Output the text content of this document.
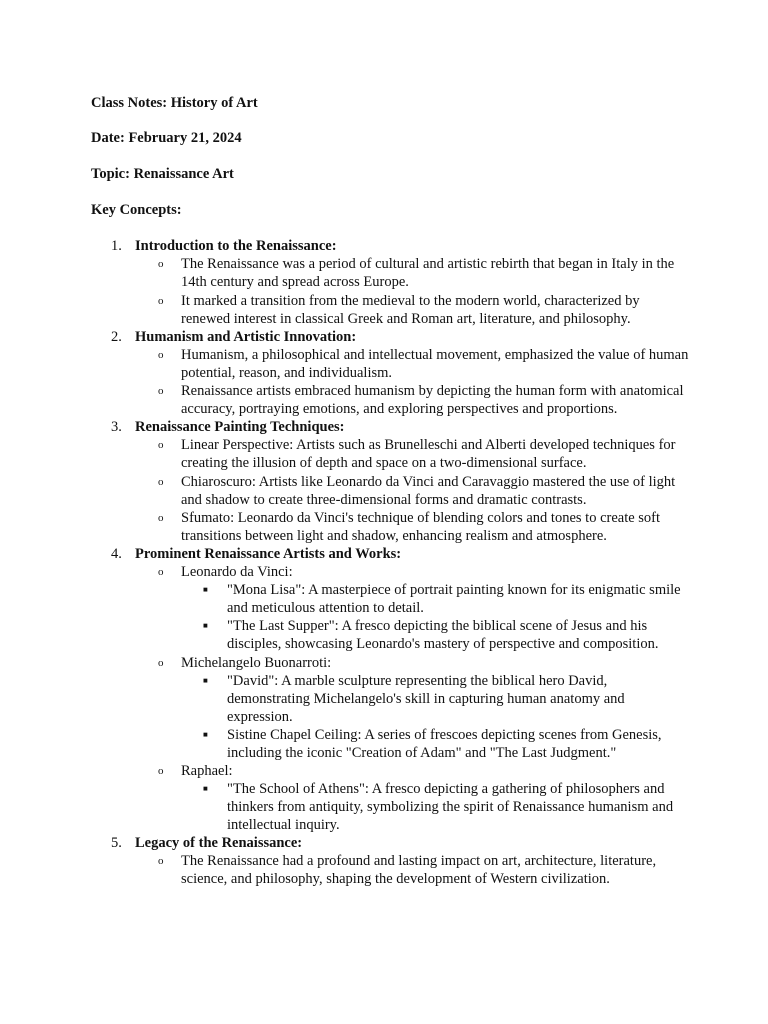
Class Notes: History of Art
Date: February 21, 2024
Topic: Renaissance Art
Key Concepts:
1. Introduction to the Renaissance:
o The Renaissance was a period of cultural and artistic rebirth that began in Italy in the 14th century and spread across Europe.
o It marked a transition from the medieval to the modern world, characterized by renewed interest in classical Greek and Roman art, literature, and philosophy.
2. Humanism and Artistic Innovation:
o Humanism, a philosophical and intellectual movement, emphasized the value of human potential, reason, and individualism.
o Renaissance artists embraced humanism by depicting the human form with anatomical accuracy, portraying emotions, and exploring perspectives and proportions.
3. Renaissance Painting Techniques:
o Linear Perspective: Artists such as Brunelleschi and Alberti developed techniques for creating the illusion of depth and space on a two-dimensional surface.
o Chiaroscuro: Artists like Leonardo da Vinci and Caravaggio mastered the use of light and shadow to create three-dimensional forms and dramatic contrasts.
o Sfumato: Leonardo da Vinci's technique of blending colors and tones to create soft transitions between light and shadow, enhancing realism and atmosphere.
4. Prominent Renaissance Artists and Works:
o Leonardo da Vinci:
■ "Mona Lisa": A masterpiece of portrait painting known for its enigmatic smile and meticulous attention to detail.
■ "The Last Supper": A fresco depicting the biblical scene of Jesus and his disciples, showcasing Leonardo's mastery of perspective and composition.
o Michelangelo Buonarroti:
■ "David": A marble sculpture representing the biblical hero David, demonstrating Michelangelo's skill in capturing human anatomy and expression.
■ Sistine Chapel Ceiling: A series of frescoes depicting scenes from Genesis, including the iconic "Creation of Adam" and "The Last Judgment."
o Raphael:
■ "The School of Athens": A fresco depicting a gathering of philosophers and thinkers from antiquity, symbolizing the spirit of Renaissance humanism and intellectual inquiry.
5. Legacy of the Renaissance:
o The Renaissance had a profound and lasting impact on art, architecture, literature, science, and philosophy, shaping the development of Western civilization.
